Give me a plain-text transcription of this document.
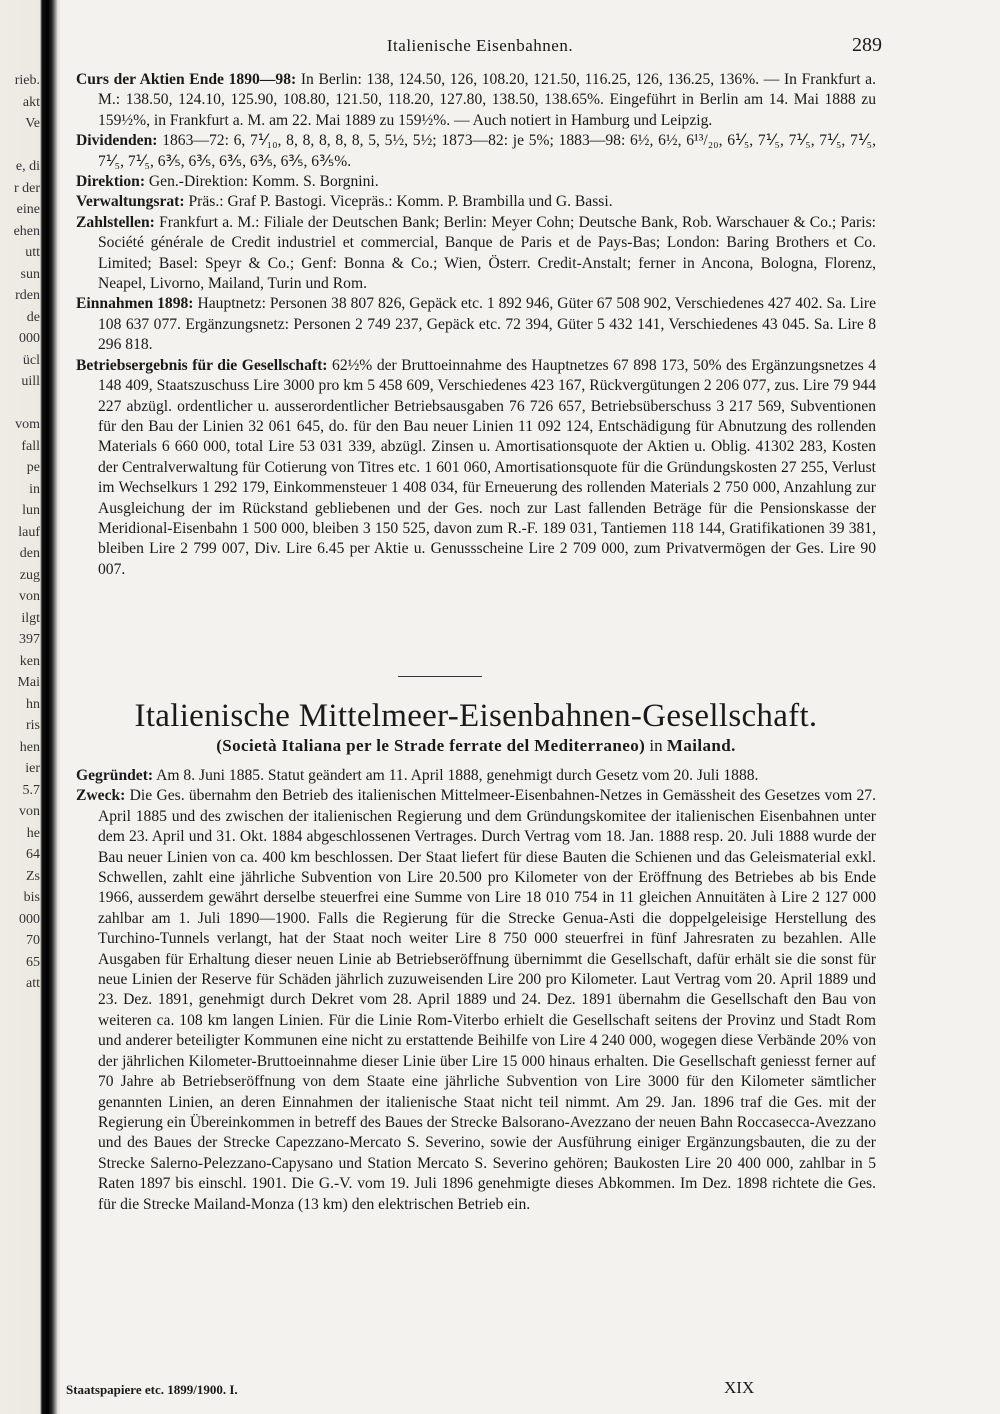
rieb.
akt
Ve
e, di
r der
eine
ehen
utt
sun
rden
de
000
ücl
uill
vom
fall
pe
in
lun
lauf
den
zug
von
ilgt
397
ken
Mai
hn
ris
hen
ier
5.7
von
he
64
Zs
bis
000
70
65
att
Italienische Eisenbahnen.	289

Curs der Aktien Ende 1890—98: In Berlin: 138, 124.50, 126, 108.20, 121.50, 116.25, 126, 136.25, 136%. — In Frankfurt a. M.: 138.50, 124.10, 125.90, 108.80, 121.50, 118.20, 127.80, 138.50, 138.65%. Eingeführt in Berlin am 14. Mai 1888 zu 159½%, in Frankfurt a. M. am 22. Mai 1889 zu 159½%. — Auch notiert in Hamburg und Leipzig.

Dividenden: 1863—72: 6, 7⅟₁₀, 8, 8, 8, 8, 8, 5, 5½, 5½; 1873—82: je 5%; 1883—98: 6½, 6½, 6¹³/₂₀, 6⅟₅, 7⅟₅, 7⅟₅, 7⅟₅, 7⅟₅, 7⅟₅, 7⅟₅, 6⅗, 6⅗, 6⅗, 6⅗, 6⅗, 6⅗%.

Direktion: Gen.-Direktion: Komm. S. Borgnini.

Verwaltungsrat: Präs.: Graf P. Bastogi. Vicepräs.: Komm. P. Brambilla und G. Bassi.

Zahlstellen: Frankfurt a. M.: Filiale der Deutschen Bank; Berlin: Meyer Cohn; Deutsche Bank, Rob. Warschauer & Co.; Paris: Société générale de Credit industriel et commercial, Banque de Paris et de Pays-Bas; London: Baring Brothers et Co. Limited; Basel: Speyr & Co.; Genf: Bonna & Co.; Wien, Österr. Credit-Anstalt; ferner in Ancona, Bologna, Florenz, Neapel, Livorno, Mailand, Turin und Rom.

Einnahmen 1898: Hauptnetz: Personen 38 807 826, Gepäck etc. 1 892 946, Güter 67 508 902, Verschiedenes 427 402. Sa. Lire 108 637 077. Ergänzungsnetz: Personen 2 749 237, Gepäck etc. 72 394, Güter 5 432 141, Verschiedenes 43 045. Sa. Lire 8 296 818.

Betriebsergebnis für die Gesellschaft: 62½% der Bruttoeinnahme des Hauptnetzes 67 898 173, 50% des Ergänzungsnetzes 4 148 409, Staatszuschuss Lire 3000 pro km 5 458 609, Verschiedenes 423 167, Rückvergütungen 2 206 077, zus. Lire 79 944 227 abzügl. ordentlicher u. ausserordentlicher Betriebsausgaben 76 726 657, Betriebsüberschuss 3 217 569, Subventionen für den Bau der Linien 32 061 645, do. für den Bau neuer Linien 11 092 124, Entschädigung für Abnutzung des rollenden Materials 6 660 000, total Lire 53 031 339, abzügl. Zinsen u. Amortisationsquote der Aktien u. Oblig. 41302 283, Kosten der Centralverwaltung für Cotierung von Titres etc. 1 601 060, Amortisationsquote für die Gründungskosten 27 255, Verlust im Wechselkurs 1 292 179, Einkommensteuer 1 408 034, für Erneuerung des rollenden Materials 2 750 000, Anzahlung zur Ausgleichung der im Rückstand gebliebenen und der Ges. noch zur Last fallenden Beträge für die Pensionskasse der Meridional-Eisenbahn 1 500 000, bleiben 3 150 525, davon zum R.-F. 189 031, Tantiemen 118 144, Gratifikationen 39 381, bleiben Lire 2 799 007, Div. Lire 6.45 per Aktie u. Genussscheine Lire 2 709 000, zum Privatvermögen der Ges. Lire 90 007.

Italienische Mittelmeer-Eisenbahnen-Gesellschaft.
(Società Italiana per le Strade ferrate del Mediterraneo) in Mailand.

Gegründet: Am 8. Juni 1885. Statut geändert am 11. April 1888, genehmigt durch Gesetz vom 20. Juli 1888.

Zweck: Die Ges. übernahm den Betrieb des italienischen Mittelmeer-Eisenbahnen-Netzes in Gemässheit des Gesetzes vom 27. April 1885 und des zwischen der italienischen Regierung und dem Gründungskomitee der italienischen Eisenbahnen unter dem 23. April und 31. Okt. 1884 abgeschlossenen Vertrages. Durch Vertrag vom 18. Jan. 1888 resp. 20. Juli 1888 wurde der Bau neuer Linien von ca. 400 km beschlossen. Der Staat liefert für diese Bauten die Schienen und das Geleismaterial exkl. Schwellen, zahlt eine jährliche Subvention von Lire 20.500 pro Kilometer von der Eröffnung des Betriebes ab bis Ende 1966, ausserdem gewährt derselbe steuerfrei eine Summe von Lire 18 010 754 in 11 gleichen Annuitäten à Lire 2 127 000 zahlbar am 1. Juli 1890—1900. Falls die Regierung für die Strecke Genua-Asti die doppelgeleisige Herstellung des Turchino-Tunnels verlangt, hat der Staat noch weiter Lire 8 750 000 steuerfrei in fünf Jahresraten zu bezahlen. Alle Ausgaben für Erhaltung dieser neuen Linie ab Betriebseröffnung übernimmt die Gesellschaft, dafür erhält sie die sonst für neue Linien der Reserve für Schäden jährlich zuzuweisenden Lire 200 pro Kilometer. Laut Vertrag vom 20. April 1889 und 23. Dez. 1891, genehmigt durch Dekret vom 28. April 1889 und 24. Dez. 1891 übernahm die Gesellschaft den Bau von weiteren ca. 108 km langen Linien. Für die Linie Rom-Viterbo erhielt die Gesellschaft seitens der Provinz und Stadt Rom und anderer beteiligter Kommunen eine nicht zu erstattende Beihilfe von Lire 4 240 000, wogegen diese Verbände 20% von der jährlichen Kilometer-Bruttoeinnahme dieser Linie über Lire 15 000 hinaus erhalten. Die Gesellschaft geniesst ferner auf 70 Jahre ab Betriebseröffnung von dem Staate eine jährliche Subvention von Lire 3000 für den Kilometer sämtlicher genannten Linien, an deren Einnahmen der italienische Staat nicht teil nimmt. Am 29. Jan. 1896 traf die Ges. mit der Regierung ein Übereinkommen in betreff des Baues der Strecke Balsorano-Avezzano der neuen Bahn Roccasecca-Avezzano und des Baues der Strecke Capezzano-Mercato S. Severino, sowie der Ausführung einiger Ergänzungsbauten, die zu der Strecke Salerno-Pelezzano-Capysano und Station Mercato S. Severino gehören; Baukosten Lire 20 400 000, zahlbar in 5 Raten 1897 bis einschl. 1901. Die G.-V. vom 19. Juli 1896 genehmigte dieses Abkommen. Im Dez. 1898 richtete die Ges. für die Strecke Mailand-Monza (13 km) den elektrischen Betrieb ein.

Staatspapiere etc. 1899/1900. I.	XIX
